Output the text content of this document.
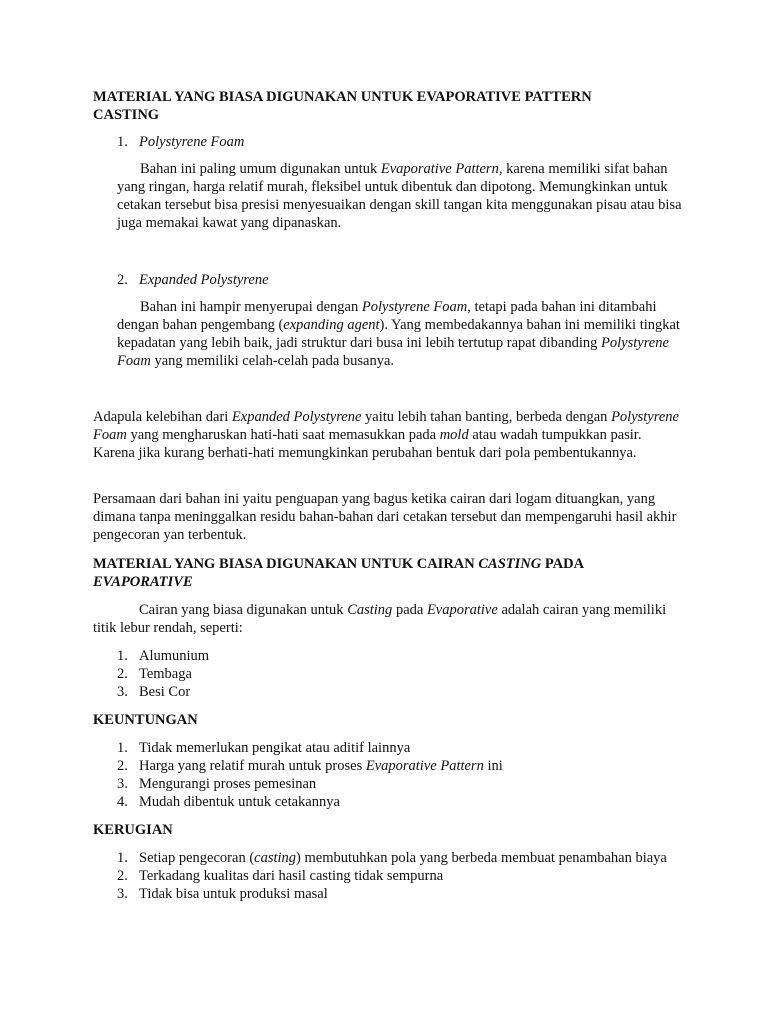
MATERIAL YANG BIASA DIGUNAKAN UNTUK EVAPORATIVE PATTERN
CASTING
1. Polystyrene Foam

Bahan ini paling umum digunakan untuk Evaporative Pattern, karena memiliki sifat bahan yang ringan, harga relatif murah, fleksibel untuk dibentuk dan dipotong. Memungkinkan untuk cetakan tersebut bisa presisi menyesuaikan dengan skill tangan kita menggunakan pisau atau bisa juga memakai kawat yang dipanaskan.

2. Expanded Polystyrene

Bahan ini hampir menyerupai dengan Polystyrene Foam, tetapi pada bahan ini ditambahi dengan bahan pengembang (expanding agent). Yang membedakannya bahan ini memiliki tingkat kepadatan yang lebih baik, jadi struktur dari busa ini lebih tertutup rapat dibanding Polystyrene Foam yang memiliki celah-celah pada busanya.

Adapula kelebihan dari Expanded Polystyrene yaitu lebih tahan banting, berbeda dengan Polystyrene Foam yang mengharuskan hati-hati saat memasukkan pada mold atau wadah tumpukkan pasir. Karena jika kurang berhati-hati memungkinkan perubahan bentuk dari pola pembentukannya.

Persamaan dari bahan ini yaitu penguapan yang bagus ketika cairan dari logam dituangkan, yang dimana tanpa meninggalkan residu bahan-bahan dari cetakan tersebut dan mempengaruhi hasil akhir pengecoran yan terbentuk.

MATERIAL YANG BIASA DIGUNAKAN UNTUK CAIRAN CASTING PADA
EVAPORATIVE

Cairan yang biasa digunakan untuk Casting pada Evaporative adalah cairan yang memiliki titik lebur rendah, seperti:

1. Alumunium
2. Tembaga
3. Besi Cor
KEUNTUNGAN
1. Tidak memerlukan pengikat atau aditif lainnya
2. Harga yang relatif murah untuk proses Evaporative Pattern ini
3. Mengurangi proses pemesinan
4. Mudah dibentuk untuk cetakannya
KERUGIAN
1. Setiap pengecoran (casting) membutuhkan pola yang berbeda membuat penambahan biaya
2. Terkadang kualitas dari hasil casting tidak sempurna
3. Tidak bisa untuk produksi masal
